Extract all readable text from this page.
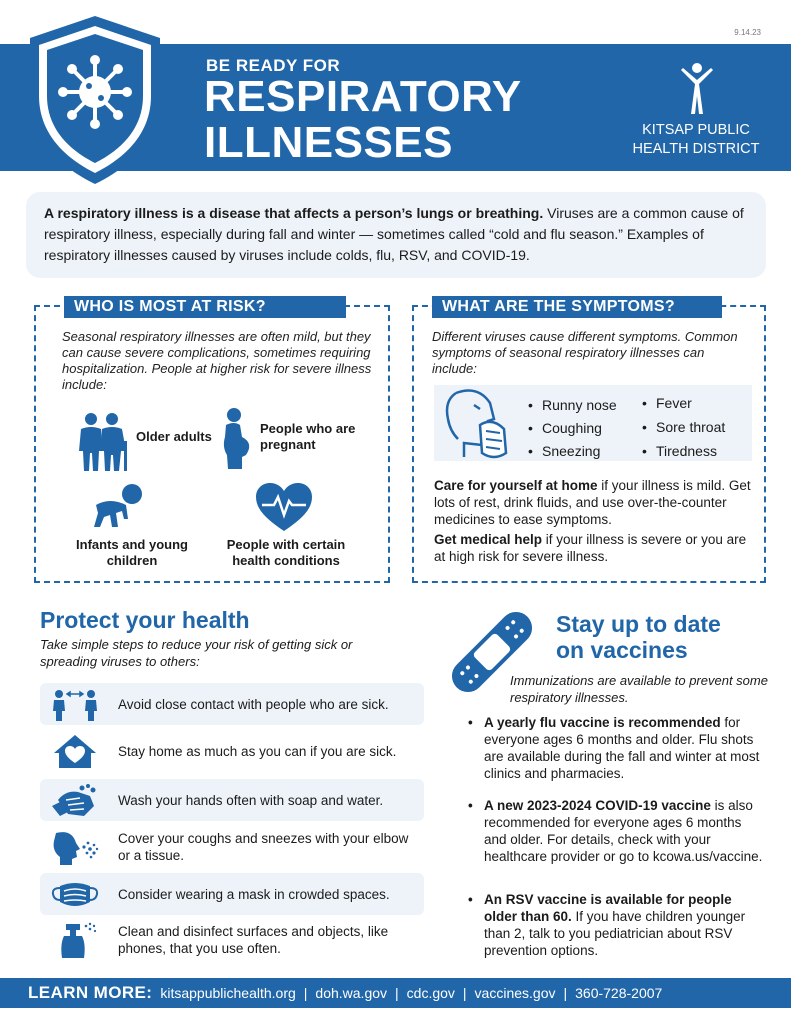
9.14.23
BE READY FOR
RESPIRATORY
ILLNESSES	KITSAP PUBLIC
HEALTH DISTRICT
A respiratory illness is a disease that affects a person’s lungs or breathing. Viruses are a common cause of respiratory illness, especially during fall and winter — sometimes called “cold and flu season.” Examples of respiratory illnesses caused by viruses include colds, flu, RSV, and COVID-19.
WHO IS MOST AT RISK?
Seasonal respiratory illnesses are often mild, but they can cause severe complications, sometimes requiring hospitalization. People at higher risk for severe illness include:
Older adults
People who are pregnant
Infants and young children
People with certain health conditions
WHAT ARE THE SYMPTOMS?
Different viruses cause different symptoms. Common symptoms of seasonal respiratory illnesses can include:
• Runny nose
• Coughing
• Sneezing
• Fever
• Sore throat
• Tiredness
Care for yourself at home if your illness is mild. Get lots of rest, drink fluids, and use over-the-counter medicines to ease symptoms.
Get medical help if your illness is severe or you are at high risk for severe illness.
Protect your health
Take simple steps to reduce your risk of getting sick or spreading viruses to others:
Avoid close contact with people who are sick.
Stay home as much as you can if you are sick.
Wash your hands often with soap and water.
Cover your coughs and sneezes with your elbow or a tissue.
Consider wearing a mask in crowded spaces.
Clean and disinfect surfaces and objects, like phones, that you use often.
Stay up to date
on vaccines
Immunizations are available to prevent some respiratory illnesses.
• A yearly flu vaccine is recommended for everyone ages 6 months and older. Flu shots are available during the fall and winter at most clinics and pharmacies.
• A new 2023-2024 COVID-19 vaccine is also recommended for everyone ages 6 months and older. For details, check with your healthcare provider or go to kcowa.us/vaccine.
• An RSV vaccine is available for people older than 60. If you have children younger than 2, talk to you pediatrician about RSV prevention options.
LEARN MORE: kitsappublichealth.org | doh.wa.gov | cdc.gov | vaccines.gov | 360-728-2007
